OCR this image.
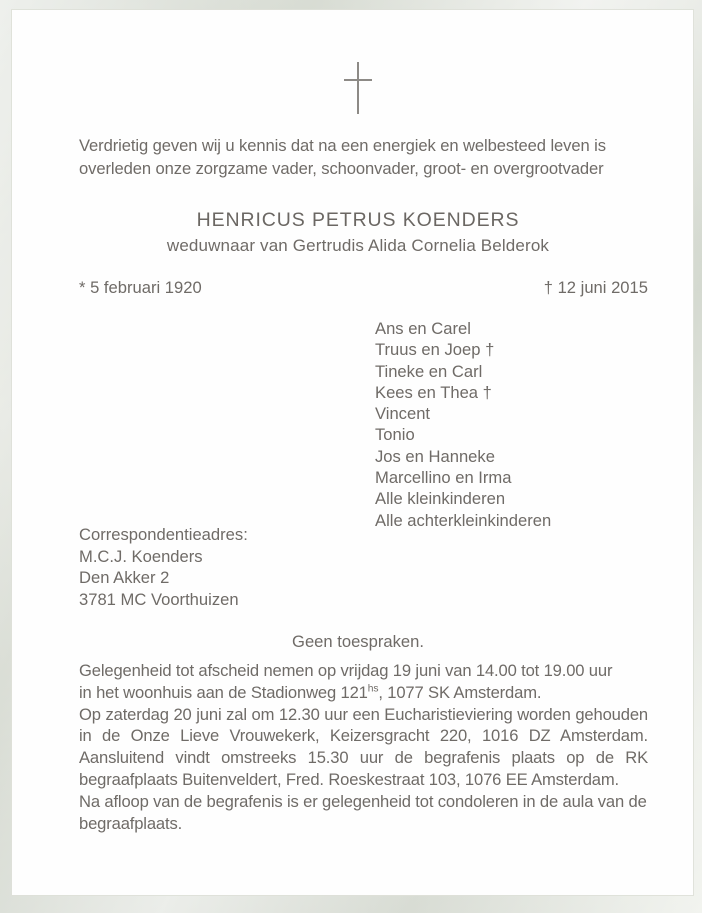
Verdrietig geven wij u kennis dat na een energiek en welbesteed leven is overleden onze zorgzame vader, schoonvader, groot- en overgrootvader
HENRICUS PETRUS KOENDERS
weduwnaar van Gertrudis Alida Cornelia Belderok
* 5 februari 1920	† 12 juni 2015
Ans en Carel
Truus en Joep †
Tineke en Carl
Kees en Thea †
Vincent
Tonio
Jos en Hanneke
Marcellino en Irma
Alle kleinkinderen
Alle achterkleinkinderen
Correspondentieadres:
M.C.J. Koenders
Den Akker 2
3781 MC Voorthuizen
Geen toespraken.

Gelegenheid tot afscheid nemen op vrijdag 19 juni van 14.00 tot 19.00 uur

in het woonhuis aan de Stadionweg $121^{hs}$, 1077 SK Amsterdam.

Op zaterdag 20 juni zal om 12.30 uur een Eucharistieviering worden gehouden in de Onze Lieve Vrouwekerk, Keizersgracht 220, 1016 DZ Amsterdam. Aansluitend vindt omstreeks 15.30 uur de begrafenis plaats op de RK begraafplaats Buitenveldert, Fred. Roeskestraat 103, 1076 EE Amsterdam.

Na afloop van de begrafenis is er gelegenheid tot condoleren in de aula van de begraafplaats.
